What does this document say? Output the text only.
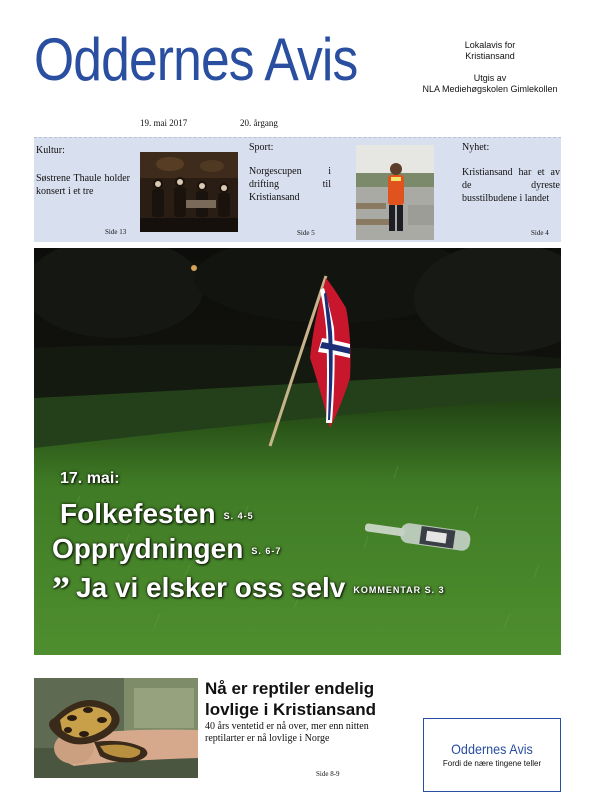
Oddernes Avis	Lokalavis for
Kristiansand
Utgis av
NLA Mediehøgskolen Gimlekollen
19. mai 2017	20. årgang
Kultur:
Søstrene Thaule holder konsert i et tre
Side 13
Sport:
Norgescupen i drifting til Kristiansand
Side 5
Nyhet:
Kristiansand har et av de dyreste busstilbudene i landet
Side 4
17. mai:
Folkefesten S. 4-5
Opprydningen S. 6-7
” Ja vi elsker oss selv KOMMENTAR S. 3
Nå er reptiler endelig lovlige i Kristiansand
40 års ventetid er nå over, mer enn nitten reptilarter er nå lovlige i Norge
Side 8-9
Oddernes Avis
Fordi de nære tingene teller
